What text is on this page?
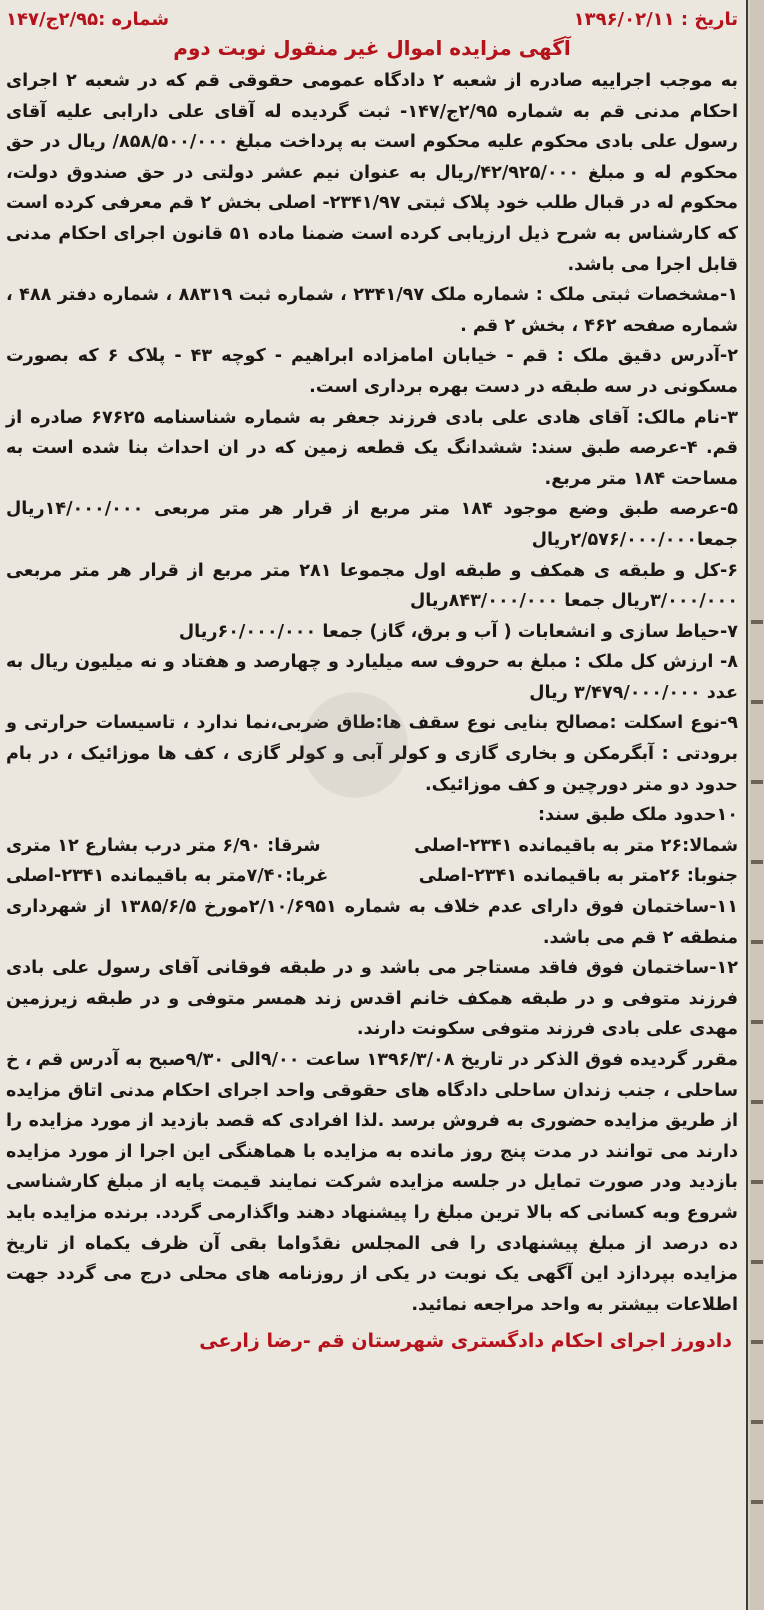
تاریخ : ۱۳۹۶/۰۲/۱۱
شماره :۲/۹۵ج/۱۴۷
آگهی مزایده اموال غیر منقول نوبت دوم

به موجب اجراییه صادره از شعبه ۲ دادگاه عمومی حقوقی قم که در شعبه ۲ اجرای احکام مدنی قم به شماره ۲/۹۵ج/۱۴۷- ثبت گردیده له آقای علی دارابی علیه آقای رسول علی بادی محکوم علیه محکوم است به پرداخت مبلغ ۸۵۸/۵۰۰/۰۰۰/ ریال در حق محکوم له و مبلغ ۴۲/۹۲۵/۰۰۰/ریال به عنوان نیم عشر دولتی در حق صندوق دولت، محکوم له در قبال طلب خود پلاک ثبتی ۲۳۴۱/۹۷- اصلی بخش ۲ قم معرفی کرده است که کارشناس به شرح ذیل ارزیابی کرده است ضمنا ماده ۵۱ قانون اجرای احکام مدنی قابل اجرا می باشد.

۱-مشخصات ثبتی ملک : شماره ملک ۲۳۴۱/۹۷ ، شماره ثبت ۸۸۳۱۹ ، شماره دفتر ۴۸۸ ، شماره صفحه ۴۶۲ ، بخش ۲ قم .

۲-آدرس دقیق ملک : قم - خیابان امامزاده ابراهیم - کوچه ۴۳ - پلاک ۶ که بصورت مسکونی در سه طبقه در دست بهره برداری است.

۳-نام مالک: آقای هادی علی بادی فرزند جعفر به شماره شناسنامه ۶۷۶۲۵ صادره از قم. ۴-عرصه طبق سند: ششدانگ یک قطعه زمین که در ان احداث بنا شده است به مساحت ۱۸۴ متر مربع.

۵-عرصه طبق وضع موجود ۱۸۴ متر مربع از قرار هر متر مربعی ۱۴/۰۰۰/۰۰۰ریال جمعا۲/۵۷۶/۰۰۰/۰۰۰ریال

۶-کل و طبقه ی همکف و طبقه اول مجموعا ۲۸۱ متر مربع از قرار هر متر مربعی ۳/۰۰۰/۰۰۰ریال جمعا ۸۴۳/۰۰۰/۰۰۰ریال

۷-حیاط سازی و انشعابات ( آب و برق، گاز) جمعا ۶۰/۰۰۰/۰۰۰ریال

۸- ارزش کل ملک : مبلغ به حروف سه میلیارد و چهارصد و هفتاد و نه میلیون ریال به عدد ۳/۴۷۹/۰۰۰/۰۰۰ ریال

۹-نوع اسکلت :مصالح بنایی نوع سقف ها:طاق ضربی،نما ندارد ، تاسیسات حرارتی و برودتی : آبگرمکن و بخاری گازی و کولر آبی و کولر گازی ، کف ها موزائیک ، در بام حدود دو متر دورچین و کف موزائیک.

۱۰حدود ملک طبق سند:

شمالا:۲۶ متر به باقیمانده ۲۳۴۱-اصلی
شرقا: ۶/۹۰ متر درب بشارع ۱۲ متری
جنوبا: ۲۶متر به باقیمانده ۲۳۴۱-اصلی
غربا:۷/۴۰متر به باقیمانده ۲۳۴۱-اصلی

۱۱-ساختمان فوق دارای عدم خلاف به شماره ۲/۱۰/۶۹۵۱مورخ ۱۳۸۵/۶/۵ از شهرداری منطقه ۲ قم می باشد.

۱۲-ساختمان فوق فاقد مستاجر می باشد و در طبقه فوقانی آقای رسول علی بادی فرزند متوفی و در طبقه همکف خانم اقدس زند همسر متوفی و در طبقه زیرزمین مهدی علی بادی فرزند متوفی سکونت دارند.

مقرر گردیده فوق الذکر در تاریخ ۱۳۹۶/۳/۰۸ ساعت ۹/۰۰الی ۹/۳۰صبح به آدرس قم ، خ ساحلی ، جنب زندان ساحلی دادگاه های حقوقی واحد اجرای احکام مدنی اتاق مزایده از طریق مزایده حضوری به فروش برسد .لذا افرادی که قصد بازدید از مورد مزایده را دارند می توانند در مدت پنج روز مانده به مزایده با هماهنگی این اجرا از مورد مزایده بازدید ودر صورت تمایل در جلسه مزایده شرکت نمایند قیمت پایه از مبلغ کارشناسی شروع وبه کسانی که بالا ترین مبلغ را پیشنهاد دهند واگذارمی گردد. برنده مزایده باید ده درصد از مبلغ پیشنهادی را فی المجلس نقدًواما بقی آن ظرف یکماه از تاریخ مزایده بپردازد این آگهی یک نوبت در یکی از روزنامه های محلی درج می گردد جهت اطلاعات بیشتر به واحد مراجعه نمائید.

دادورز اجرای احکام دادگستری شهرستان قم -رضا زارعی
